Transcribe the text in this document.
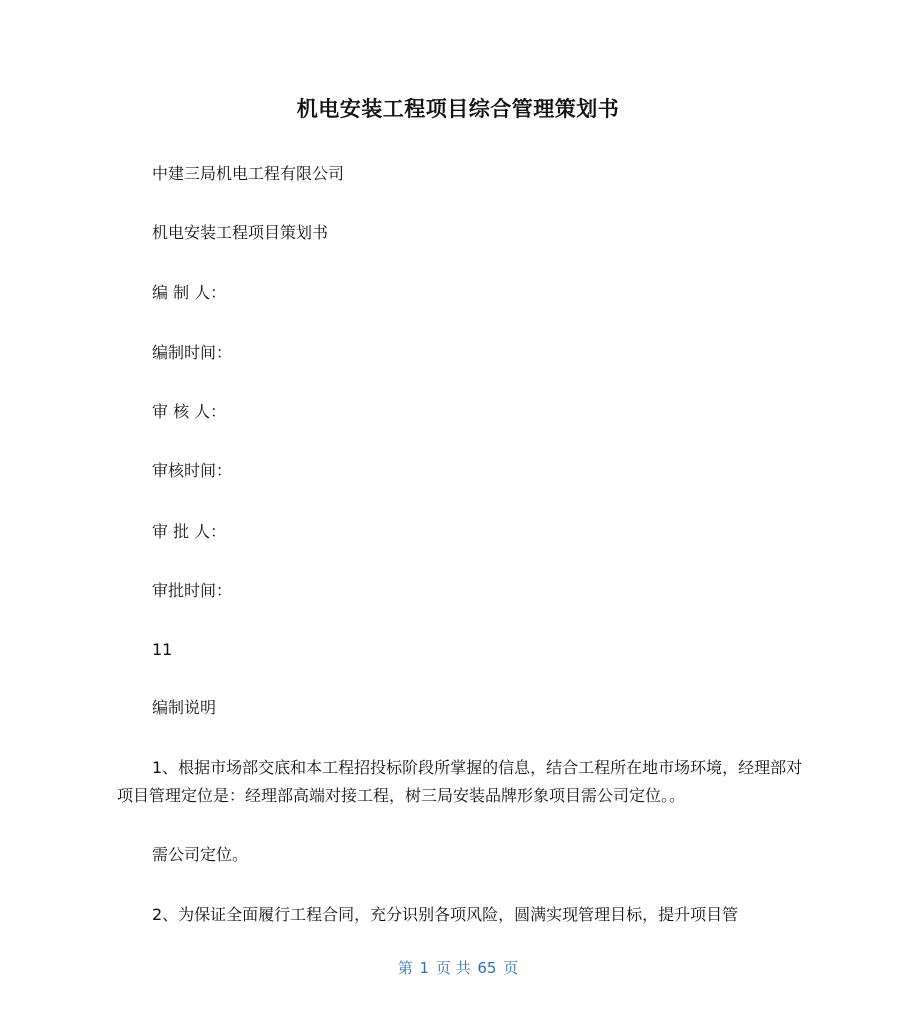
机电安装工程项目综合管理策划书
中建三局机电工程有限公司
机电安装工程项目策划书
编 制 人：
编制时间：
审 核 人：
审核时间：
审 批 人：
审批时间：
11
编制说明
1、根据市场部交底和本工程招投标阶段所掌握的信息，结合工程所在地市场环境，经理部对项目管理定位是：经理部高端对接工程，树三局安装品牌形象项目需公司定位。。
需公司定位。
2、为保证全面履行工程合同，充分识别各项风险，圆满实现管理目标，提升项目管
第 1 页 共 65 页
